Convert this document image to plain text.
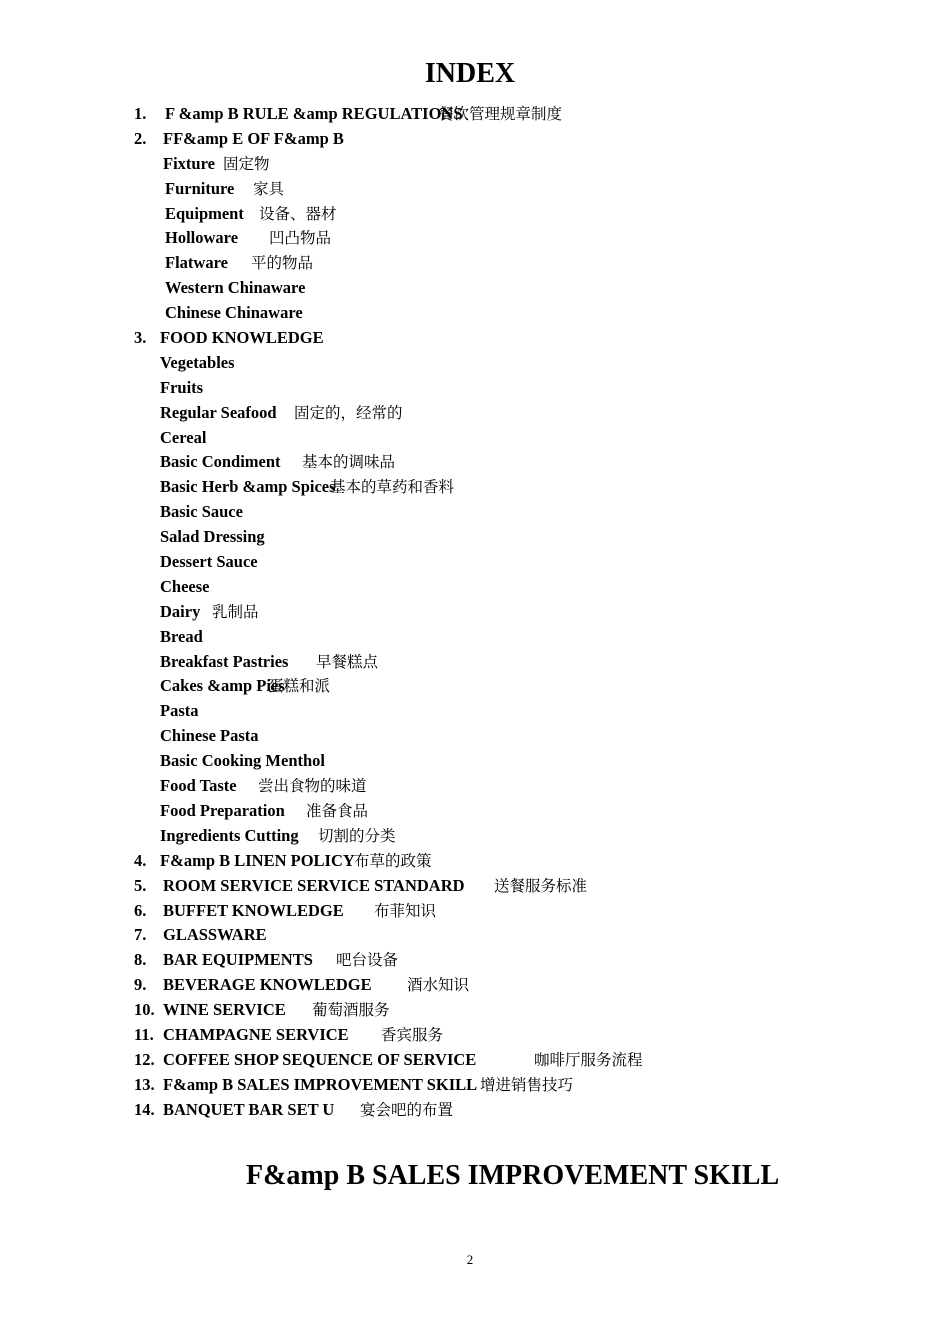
INDEX
1. F &amp B RULE &amp REGULATIONS
餐饮管理规章制度
2. FF&amp E OF F&amp B
Fixture 固定物
Furniture 家具
Equipment 设备、器材
Holloware 凹凸物品
Flatware 平的物品
Western Chinaware
Chinese Chinaware
3. FOOD KNOWLEDGE
Vegetables
Fruits
Regular Seafood 固定的，经常的
Cereal
Basic Condiment 基本的调味品
Basic Herb &amp Spices
基本的草药和香料
Basic Sauce
Salad Dressing
Dessert Sauce
Cheese
Dairy 乳制品
Bread
Breakfast Pastries 早餐糕点
Cakes &amp Pies
蛋糕和派
Pasta
Chinese Pasta
Basic Cooking Menthol
Food Taste 尝出食物的味道
Food Preparation 准备食品
Ingredients Cutting 切割的分类
4. F&amp B LINEN POLICY 布草的政策
5. ROOM SERVICE SERVICE STANDARD 送餐服务标准
6. BUFFET KNOWLEDGE 布菲知识
7. GLASSWARE
8. BAR EQUIPMENTS 吧台设备
9. BEVERAGE KNOWLEDGE 酒水知识
10. WINE SERVICE 葡萄酒服务
11. CHAMPAGNE SERVICE 香宾服务
12. COFFEE SHOP SEQUENCE OF SERVICE	咖啡厅服务流程
13. F&amp B SALES IMPROVEMENT SKILL 增进销售技巧
14. BANQUET BAR SET U 宴会吧的布置
F&amp B SALES IMPROVEMENT SKILL
2
